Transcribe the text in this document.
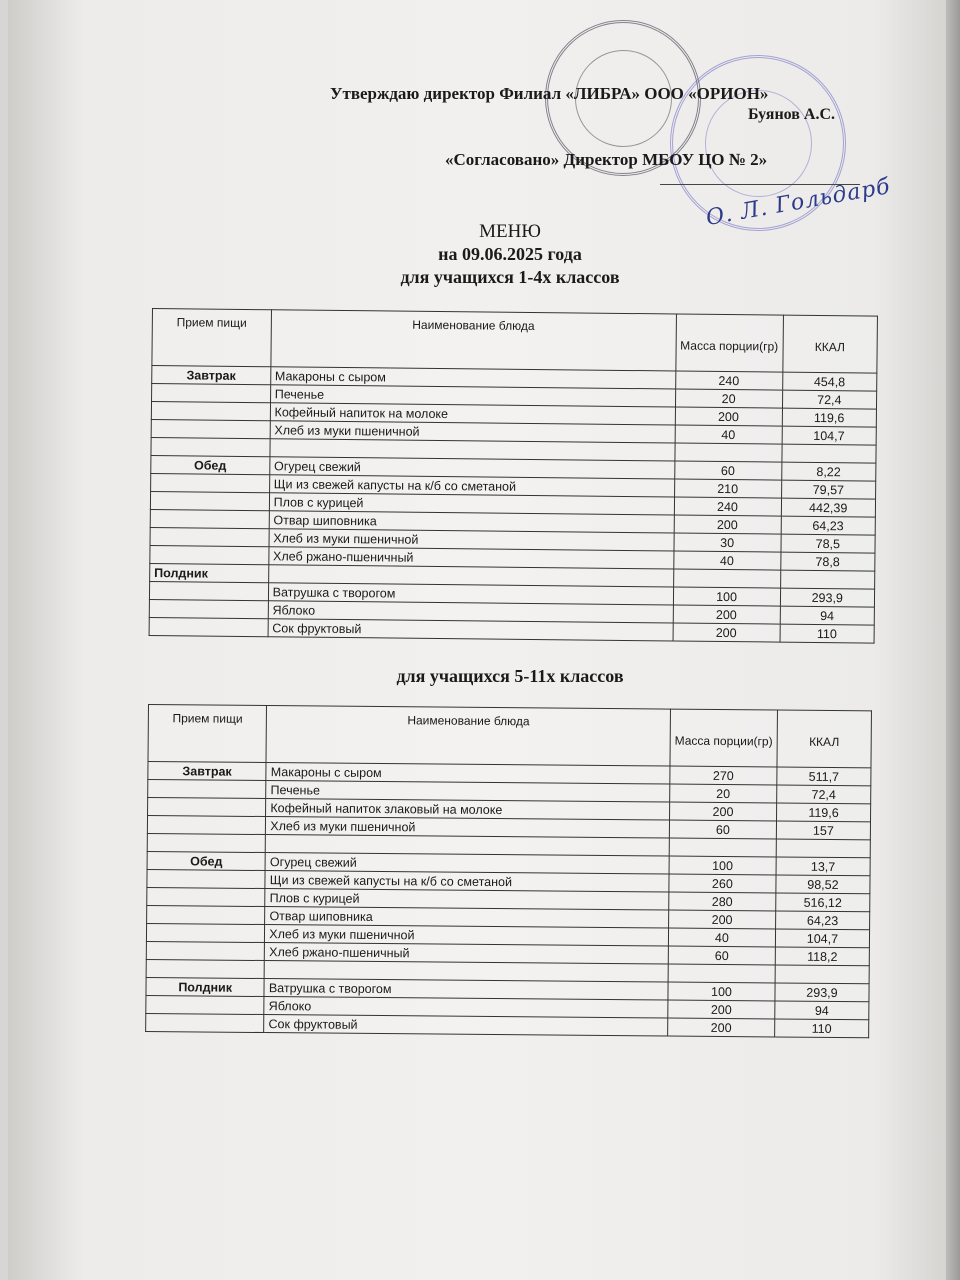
Утверждаю директор Филиал «ЛИБРА» ООО «ОРИОН»
Буянов А.С.
«Согласовано» Директор МБОУ ЦО № 2»
О. Л. Гольдарб
МЕНЮ
на 09.06.2025 года
для учащихся 1-4х классов
Прием пищи	Наименование блюда	Масса порции(гр)	ККАЛ
Завтрак	Макароны с сыром	240	454,8
	Печенье	20	72,4
	Кофейный напиток на молоке	200	119,6
	Хлеб из муки пшеничной	40	104,7

Обед	Огурец свежий	60	8,22
	Щи из свежей капусты на к/б со сметаной	210	79,57
	Плов с курицей	240	442,39
	Отвар шиповника	200	64,23
	Хлеб из муки пшеничной	30	78,5
	Хлеб ржано-пшеничный	40	78,8
Полдник			
	Ватрушка с творогом	100	293,9
	Яблоко	200	94
	Сок фруктовый	200	110
для учащихся 5-11х классов
Прием пищи	Наименование блюда	Масса порции(гр)	ККАЛ
Завтрак	Макароны с сыром	270	511,7
	Печенье	20	72,4
	Кофейный напиток злаковый на молоке	200	119,6
	Хлеб из муки пшеничной	60	157

Обед	Огурец свежий	100	13,7
	Щи из свежей капусты на к/б со сметаной	260	98,52
	Плов с курицей	280	516,12
	Отвар шиповника	200	64,23
	Хлеб из муки пшеничной	40	104,7
	Хлеб ржано-пшеничный	60	118,2

Полдник	Ватрушка с творогом	100	293,9
	Яблоко	200	94
	Сок фруктовый	200	110
